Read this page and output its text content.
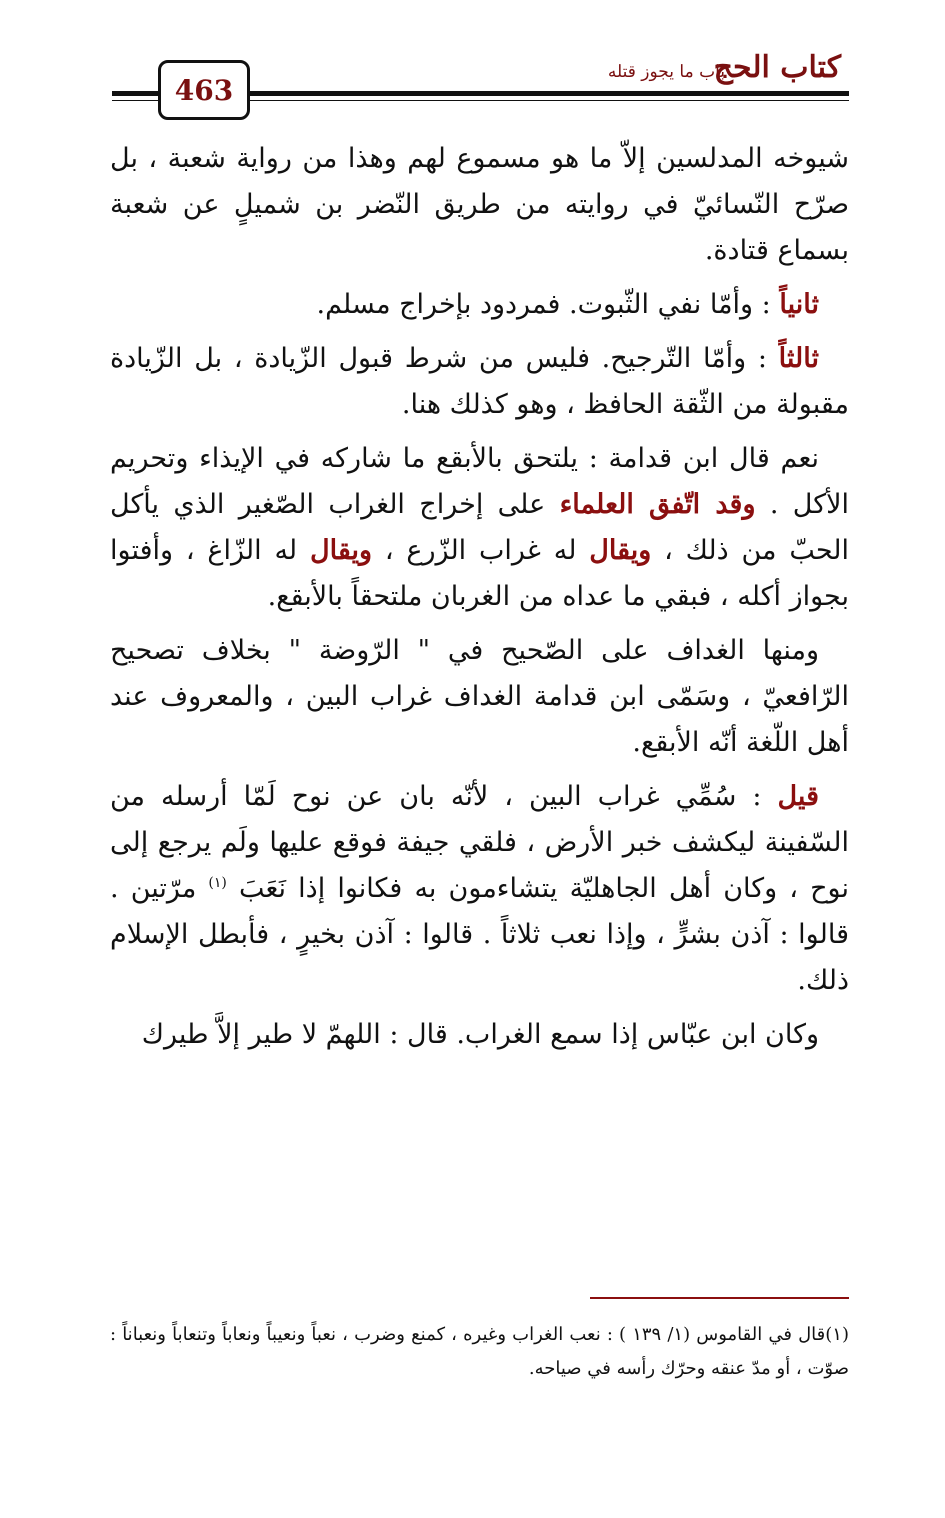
كتاب الحج
باب ما يجوز قتله
463

شيوخه المدلسين إلاّ ما هو مسموع لهم وهذا من رواية شعبة ، بل صرّح النّسائيّ في روايته من طريق النّضر بن شميلٍ عن شعبة بسماع قتادة.

ثانياً : وأمّا نفي الثّبوت. فمردود بإخراج مسلم.

ثالثاً : وأمّا التّرجيح. فليس من شرط قبول الزّيادة ، بل الزّيادة مقبولة من الثّقة الحافظ ، وهو كذلك هنا.

نعم قال ابن قدامة : يلتحق بالأبقع ما شاركه في الإيذاء وتحريم الأكل . وقد اتّفق العلماء على إخراج الغراب الصّغير الذي يأكل الحبّ من ذلك ، ويقال له غراب الزّرع ، ويقال له الزّاغ ، وأفتوا بجواز أكله ، فبقي ما عداه من الغربان ملتحقاً بالأبقع.

ومنها الغداف على الصّحيح في " الرّوضة " بخلاف تصحيح الرّافعيّ ، وسَمّى ابن قدامة الغداف غراب البين ، والمعروف عند أهل اللّغة أنّه الأبقع.

قيل : سُمِّي غراب البين ، لأنّه بان عن نوح لَمّا أرسله من السّفينة ليكشف خبر الأرض ، فلقي جيفة فوقع عليها ولَم يرجع إلى نوح ، وكان أهل الجاهليّة يتشاءمون به فكانوا إذا نَعَبَ $^{(١)}$ مرّتين . قالوا : آذن بشرٍّ ، وإذا نعب ثلاثاً . قالوا : آذن بخيرٍ ، فأبطل الإسلام ذلك.

وكان ابن عبّاس إذا سمع الغراب. قال : اللهمّ لا طير إلاَّ طيرك

(١)قال في القاموس (١/ ١٣٩ ) : نعب الغراب وغيره ، كمنع وضرب ، نعباً ونعيباً ونعاباً وتنعاباً ونعباناً : صوّت ، أو مدّ عنقه وحرّك رأسه في صياحه.
